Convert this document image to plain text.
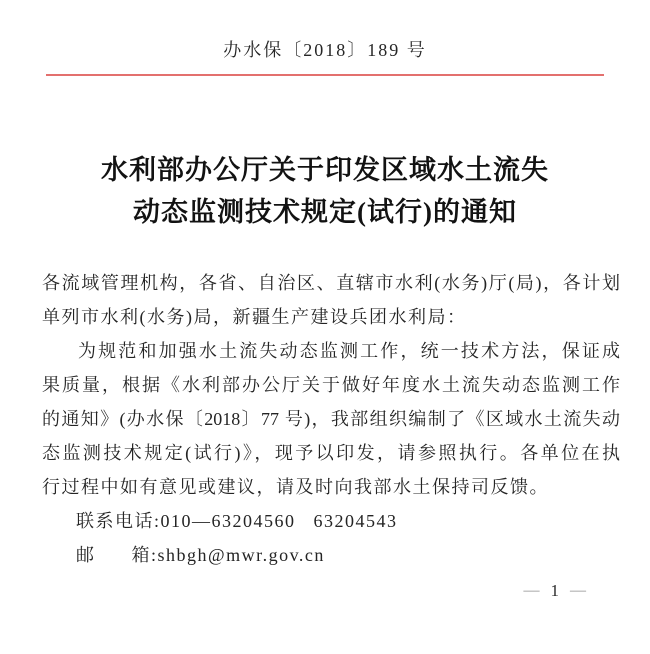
办水保〔2018〕189 号
水利部办公厅关于印发区域水土流失
动态监测技术规定(试行)的通知
各流域管理机构，各省、自治区、直辖市水利(水务)厅(局)，各计划
单列市水利(水务)局，新疆生产建设兵团水利局：
为规范和加强水土流失动态监测工作，统一技术方法，保证成
果质量，根据《水利部办公厅关于做好年度水土流失动态监测工作
的通知》(办水保〔2018〕77 号)，我部组织编制了《区域水土流失动
态监测技术规定(试行)》，现予以印发，请参照执行。各单位在执
行过程中如有意见或建议，请及时向我部水土保持司反馈。
联系电话:010—63204560   63204543
邮      箱:shbgh@mwr.gov.cn
— 1 —
